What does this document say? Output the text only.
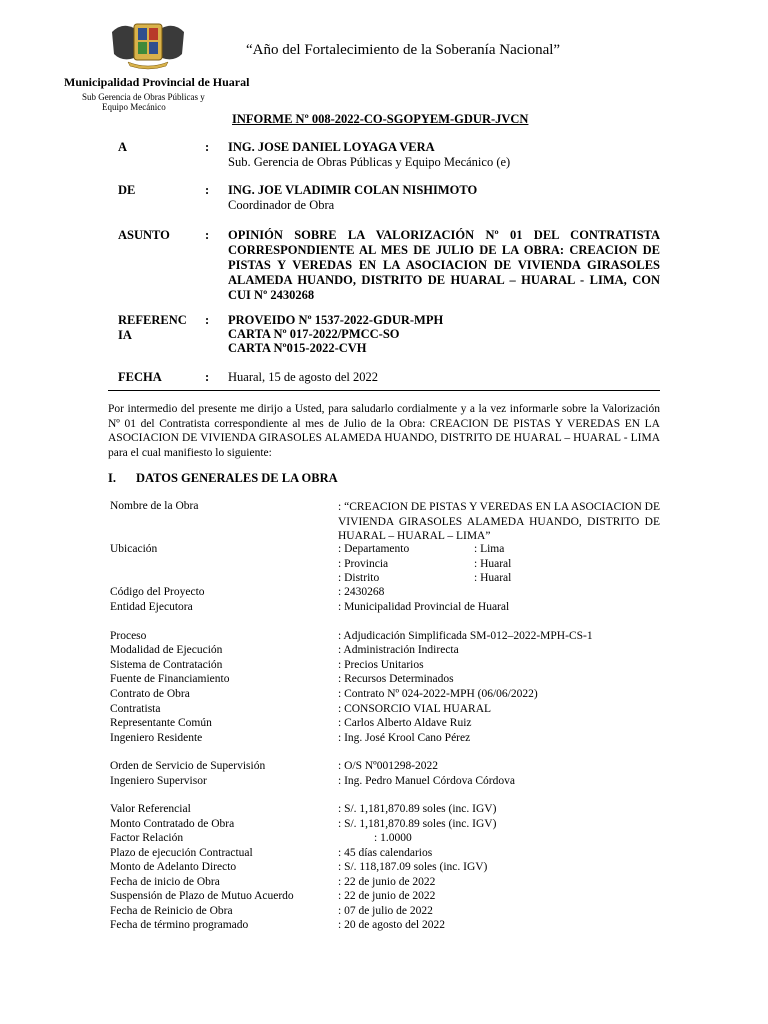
“Año del Fortalecimiento de la Soberanía Nacional”
Municipalidad Provincial de Huaral
Sub Gerencia de Obras Públicas y
Equipo Mecánico
INFORME Nº 008-2022-CO-SGOPYEM-GDUR-JVCN
A	: ING. JOSE DANIEL LOYAGA VERA
Sub. Gerencia de Obras Públicas y Equipo Mecánico (e)
DE	: ING. JOE VLADIMIR COLAN NISHIMOTO
Coordinador de Obra
ASUNTO	: OPINIÓN SOBRE LA VALORIZACIÓN Nº 01 DEL CONTRATISTA CORRESPONDIENTE AL MES DE JULIO DE LA OBRA: CREACION DE PISTAS Y VEREDAS EN LA ASOCIACION DE VIVIENDA GIRASOLES ALAMEDA HUANDO, DISTRITO DE HUARAL – HUARAL - LIMA, CON CUI Nº 2430268
REFERENC
IA
: PROVEIDO Nº 1537-2022-GDUR-MPH
CARTA Nº 017-2022/PMCC-SO
CARTA Nº015-2022-CVH
FECHA	: Huaral, 15 de agosto del 2022
Por intermedio del presente me dirijo a Usted, para saludarlo cordialmente y a la vez informarle sobre la Valorización Nº 01 del Contratista correspondiente al mes de Julio de la Obra: CREACION DE PISTAS Y VEREDAS EN LA ASOCIACION DE VIVIENDA GIRASOLES ALAMEDA HUANDO, DISTRITO DE HUARAL – HUARAL - LIMA para el cual manifiesto lo siguiente:
I. DATOS GENERALES DE LA OBRA
Nombre de la Obra	: “CREACION DE PISTAS Y VEREDAS EN LA ASOCIACION DE VIVIENDA GIRASOLES ALAMEDA HUANDO, DISTRITO DE HUARAL – HUARAL – LIMA”
Ubicación	: Departamento	: Lima
: Provincia	: Huaral
: Distrito	: Huaral
Código del Proyecto	: 2430268
Entidad Ejecutora	: Municipalidad Provincial de Huaral
Proceso	: Adjudicación Simplificada SM-012–2022-MPH-CS-1
Modalidad de Ejecución	: Administración Indirecta
Sistema de Contratación	: Precios Unitarios
Fuente de Financiamiento	: Recursos Determinados
Contrato de Obra	: Contrato Nº 024-2022-MPH (06/06/2022)
Contratista	: CONSORCIO VIAL HUARAL
Representante Común	: Carlos Alberto Aldave Ruiz
Ingeniero Residente	: Ing. José Krool Cano Pérez
Orden de Servicio de Supervisión	: O/S Nº001298-2022
Ingeniero Supervisor	: Ing. Pedro Manuel Córdova Córdova
Valor Referencial	: S/. 1,181,870.89 soles (inc. IGV)
Monto Contratado de Obra	: S/. 1,181,870.89 soles (inc. IGV)
Factor Relación	: 1.0000
Plazo de ejecución Contractual	: 45 días calendarios
Monto de Adelanto Directo	: S/. 118,187.09 soles (inc. IGV)
Fecha de inicio de Obra	: 22 de junio de 2022
Suspensión de Plazo de Mutuo Acuerdo	: 22 de junio de 2022
Fecha de Reinicio de Obra	: 07 de julio de 2022
Fecha de término programado	: 20 de agosto del 2022
